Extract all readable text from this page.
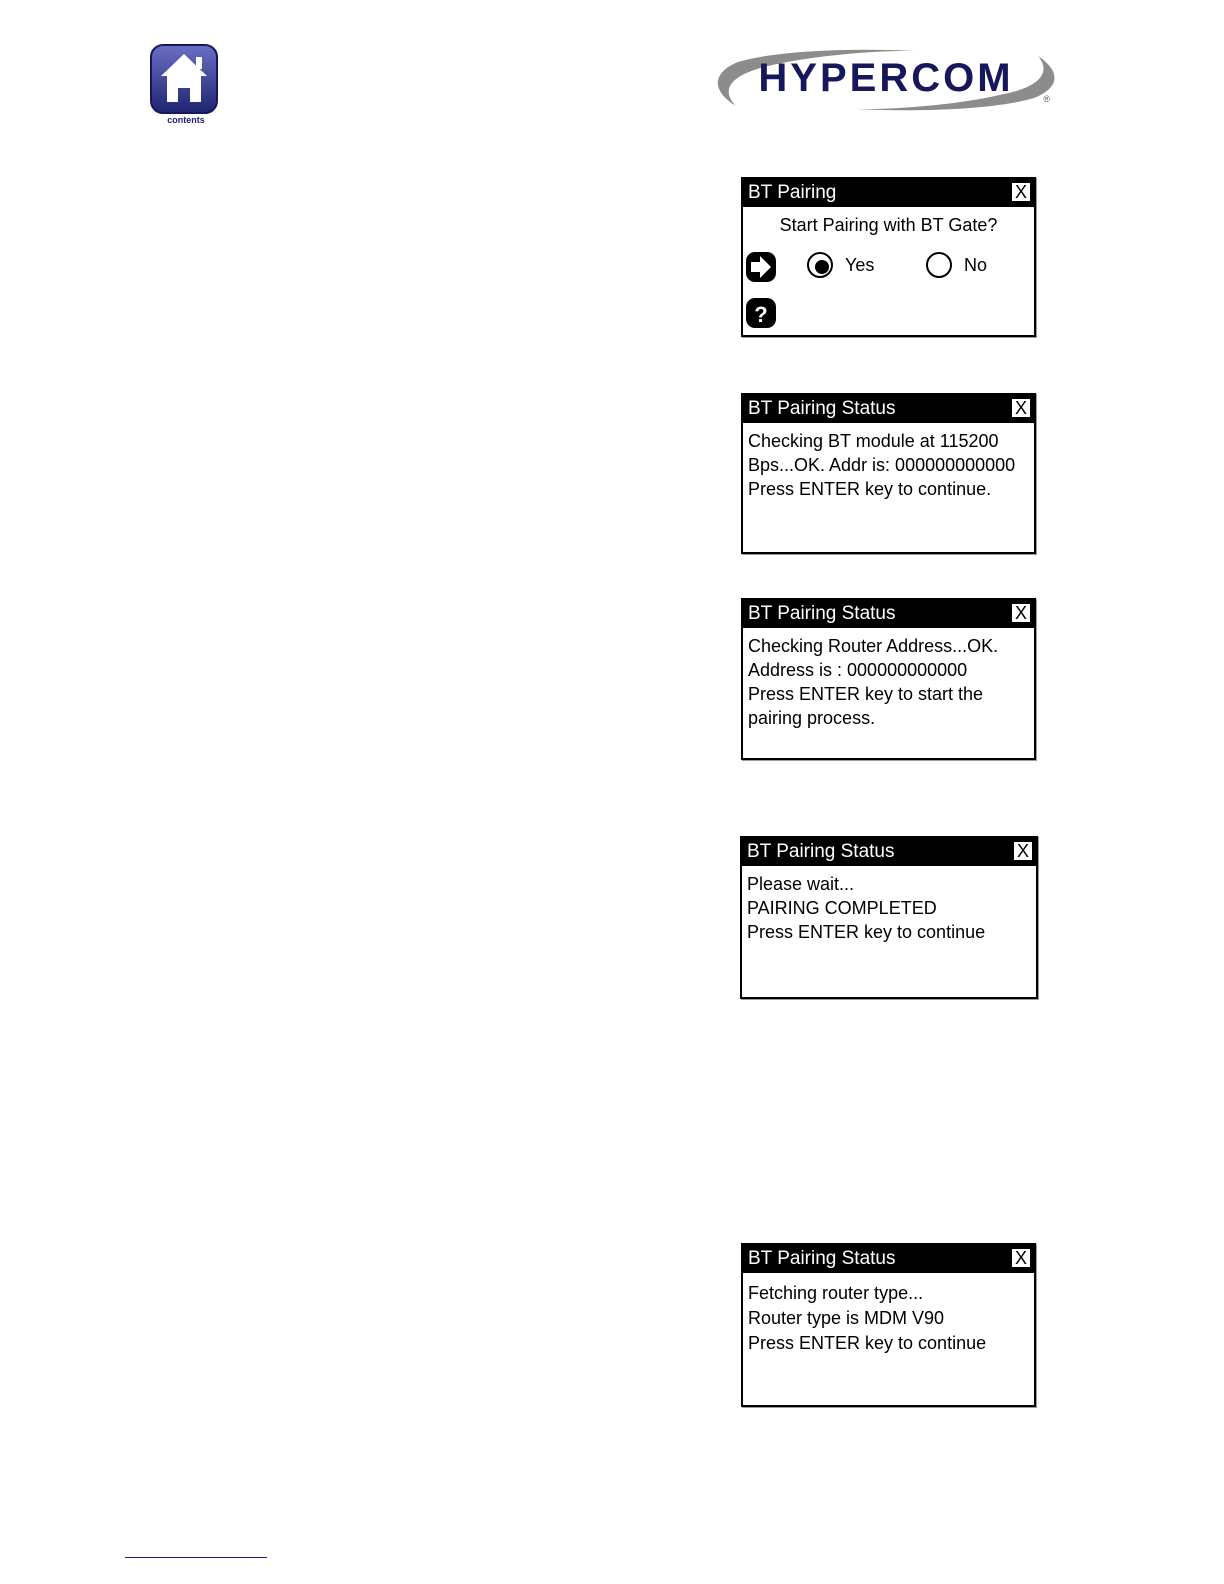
contents
HYPERCOM	®
BT Pairing	X
Start Pairing with BT Gate?
?
Yes	No
BT Pairing Status	X
Checking BT module at 115200
Bps...OK. Addr is: 000000000000
Press ENTER key to continue.
BT Pairing Status	X
Checking Router Address...OK.
Address is : 000000000000
Press ENTER key to start the
pairing process.
BT Pairing Status	X
Please wait...
PAIRING COMPLETED
Press ENTER key to continue
BT Pairing Status	X
Fetching router type...
Router type is MDM V90
Press ENTER key to continue
